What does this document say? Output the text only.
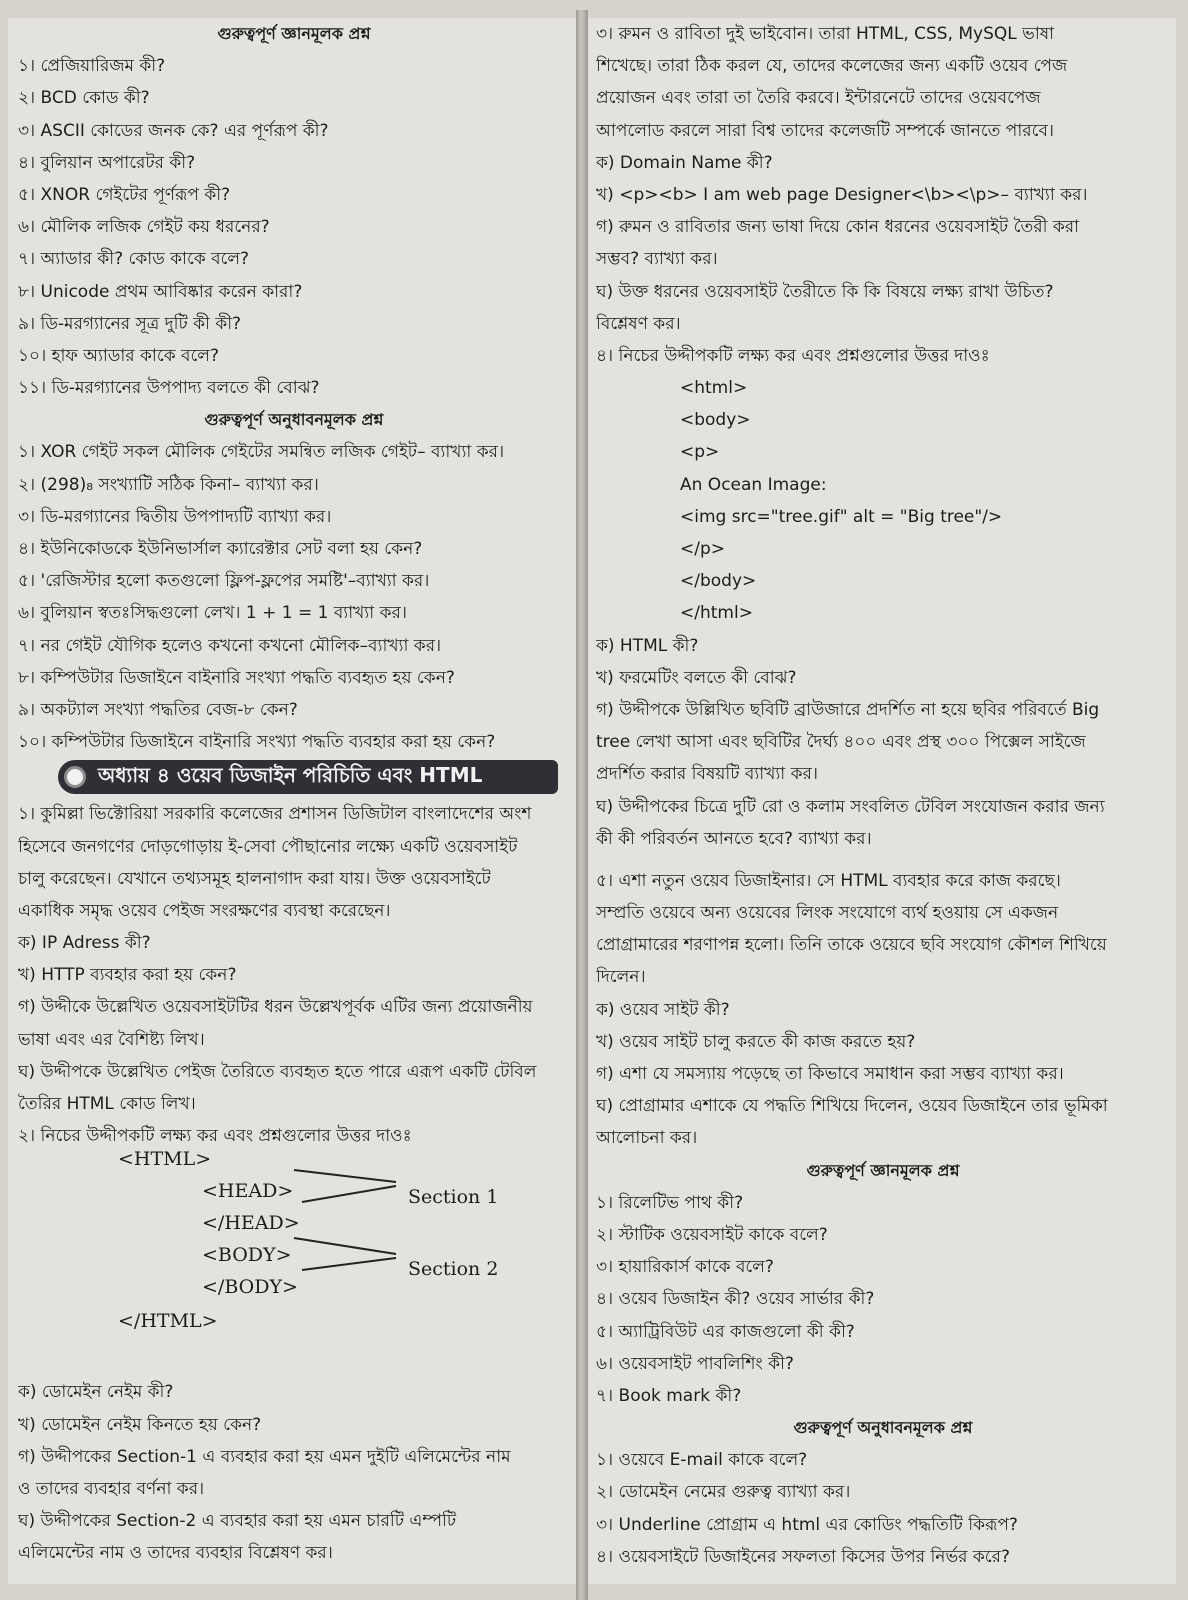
গুরুত্বপূর্ণ জ্ঞানমূলক প্রশ্ন
১। প্রেজিয়ারিজম কী?
২। BCD কোড কী?
৩। ASCII কোডের জনক কে? এর পূর্ণরূপ কী?
৪। বুলিয়ান অপারেটর কী?
৫। XNOR গেইটের পূর্ণরূপ কী?
৬। মৌলিক লজিক গেইট কয় ধরনের?
৭। অ্যাডার কী? কোড কাকে বলে?
৮। Unicode প্রথম আবিষ্কার করেন কারা?
৯। ডি-মরগ্যানের সূত্র দুটি কী কী?
১০। হাফ অ্যাডার কাকে বলে?
১১। ডি-মরগ্যানের উপপাদ্য বলতে কী বোঝ?
গুরুত্বপূর্ণ অনুধাবনমূলক প্রশ্ন
১। XOR গেইট সকল মৌলিক গেইটের সমন্বিত লজিক গেইট– ব্যাখ্যা কর।
২। (298)₈ সংখ্যাটি সঠিক কিনা– ব্যাখ্যা কর।
৩। ডি-মরগ্যানের দ্বিতীয় উপপাদ্যটি ব্যাখ্যা কর।
৪। ইউনিকোডকে ইউনিভার্সাল ক্যারেক্টার সেট বলা হয় কেন?
৫। 'রেজিস্টার হলো কতগুলো ফ্লিপ-ফ্লপের সমষ্টি'–ব্যাখ্যা কর।
৬। বুলিয়ান স্বতঃসিদ্ধগুলো লেখ। 1 + 1 = 1 ব্যাখ্যা কর।
৭। নর গেইট যৌগিক হলেও কখনো কখনো মৌলিক–ব্যাখ্যা কর।
৮। কম্পিউটার ডিজাইনে বাইনারি সংখ্যা পদ্ধতি ব্যবহৃত হয় কেন?
৯। অকট্যাল সংখ্যা পদ্ধতির বেজ-৮ কেন?
১০। কম্পিউটার ডিজাইনে বাইনারি সংখ্যা পদ্ধতি ব্যবহার করা হয় কেন?
অধ্যায় ৪ ওয়েব ডিজাইন পরিচিতি এবং HTML
১। কুমিল্লা ভিক্টোরিয়া সরকারি কলেজের প্রশাসন ডিজিটাল বাংলাদেশের অংশ
হিসেবে জনগণের দোড়গোড়ায় ই-সেবা পৌছানোর লক্ষ্যে একটি ওয়েবসাইট
চালু করেছেন। যেখানে তথ্যসমূহ হালনাগাদ করা যায়। উক্ত ওয়েবসাইটে
একাধিক সমৃদ্ধ ওয়েব পেইজ সংরক্ষণের ব্যবস্থা করেছেন।
ক) IP Adress কী?
খ) HTTP ব্যবহার করা হয় কেন?
গ) উদ্দীকে উল্লেখিত ওয়েবসাইটটির ধরন উল্লেখপূর্বক এটির জন্য প্রয়োজনীয়
ভাষা এবং এর বৈশিষ্ট্য লিখ।
ঘ) উদ্দীপকে উল্লেখিত পেইজ তৈরিতে ব্যবহৃত হতে পারে এরূপ একটি টেবিল
তৈরির HTML কোড লিখ।
২। নিচের উদ্দীপকটি লক্ষ্য কর এবং প্রশ্নগুলোর উত্তর দাওঃ
<HTML>
<HEAD>
</HEAD>
<BODY>
</BODY>
</HTML>
Section 1
Section 2
ক) ডোমেইন নেইম কী?
খ) ডোমেইন নেইম কিনতে হয় কেন?
গ) উদ্দীপকের Section-1 এ ব্যবহার করা হয় এমন দুইটি এলিমেন্টের নাম
ও তাদের ব্যবহার বর্ণনা কর।
ঘ) উদ্দীপকের Section-2 এ ব্যবহার করা হয় এমন চারটি এম্পটি
এলিমেন্টের নাম ও তাদের ব্যবহার বিশ্লেষণ কর।
৩। রুমন ও রাবিতা দুই ভাইবোন। তারা HTML, CSS, MySQL ভাষা
শিখেছে। তারা ঠিক করল যে, তাদের কলেজের জন্য একটি ওয়েব পেজ
প্রয়োজন এবং তারা তা তৈরি করবে। ইন্টারনেটে তাদের ওয়েবপেজ
আপলোড করলে সারা বিশ্ব তাদের কলেজটি সম্পর্কে জানতে পারবে।
ক) Domain Name কী?
খ) <p><b> I am web page Designer<\b><\p>– ব্যাখ্যা কর।
গ) রুমন ও রাবিতার জন্য ভাষা দিয়ে কোন ধরনের ওয়েবসাইট তৈরী করা
সম্ভব? ব্যাখ্যা কর।
ঘ) উক্ত ধরনের ওয়েবসাইট তৈরীতে কি কি বিষয়ে লক্ষ্য রাখা উচিত?
বিশ্লেষণ কর।
৪। নিচের উদ্দীপকটি লক্ষ্য কর এবং প্রশ্নগুলোর উত্তর দাওঃ
<html>
<body>
<p>
An Ocean Image:
<img src="tree.gif" alt = "Big tree"/>
</p>
</body>
</html>
ক) HTML কী?
খ) ফরমেটিং বলতে কী বোঝ?
গ) উদ্দীপকে উল্লিখিত ছবিটি ব্রাউজারে প্রদর্শিত না হয়ে ছবির পরিবর্তে Big
tree লেখা আসা এবং ছবিটির দৈর্ঘ্য ৪০০ এবং প্রস্থ ৩০০ পিক্সেল সাইজে
প্রদর্শিত করার বিষয়টি ব্যাখ্যা কর।
ঘ) উদ্দীপকের চিত্রে দুটি রো ও কলাম সংবলিত টেবিল সংযোজন করার জন্য
কী কী পরিবর্তন আনতে হবে? ব্যাখ্যা কর।
৫। এশা নতুন ওয়েব ডিজাইনার। সে HTML ব্যবহার করে কাজ করছে।
সম্প্রতি ওয়েবে অন্য ওয়েবের লিংক সংযোগে ব্যর্থ হওয়ায় সে একজন
প্রোগ্রামারের শরণাপন্ন হলো। তিনি তাকে ওয়েবে ছবি সংযোগ কৌশল শিখিয়ে
দিলেন।
ক) ওয়েব সাইট কী?
খ) ওয়েব সাইট চালু করতে কী কাজ করতে হয়?
গ) এশা যে সমস্যায় পড়েছে তা কিভাবে সমাধান করা সম্ভব ব্যাখ্যা কর।
ঘ) প্রোগ্রামার এশাকে যে পদ্ধতি শিখিয়ে দিলেন, ওয়েব ডিজাইনে তার ভূমিকা
আলোচনা কর।
গুরুত্বপূর্ণ জ্ঞানমূলক প্রশ্ন
১। রিলেটিভ পাথ কী?
২। স্টাটিক ওয়েবসাইট কাকে বলে?
৩। হায়ারিকার্স কাকে বলে?
৪। ওয়েব ডিজাইন কী? ওয়েব সার্ভার কী?
৫। অ্যাট্রিবিউট এর কাজগুলো কী কী?
৬। ওয়েবসাইট পাবলিশিং কী?
৭। Book mark কী?
গুরুত্বপূর্ণ অনুধাবনমূলক প্রশ্ন
১। ওয়েবে E-mail কাকে বলে?
২। ডোমেইন নেমের গুরুত্ব ব্যাখ্যা কর।
৩। Underline প্রোগ্রাম এ html এর কোডিং পদ্ধতিটি কিরূপ?
৪। ওয়েবসাইটে ডিজাইনের সফলতা কিসের উপর নির্ভর করে?
